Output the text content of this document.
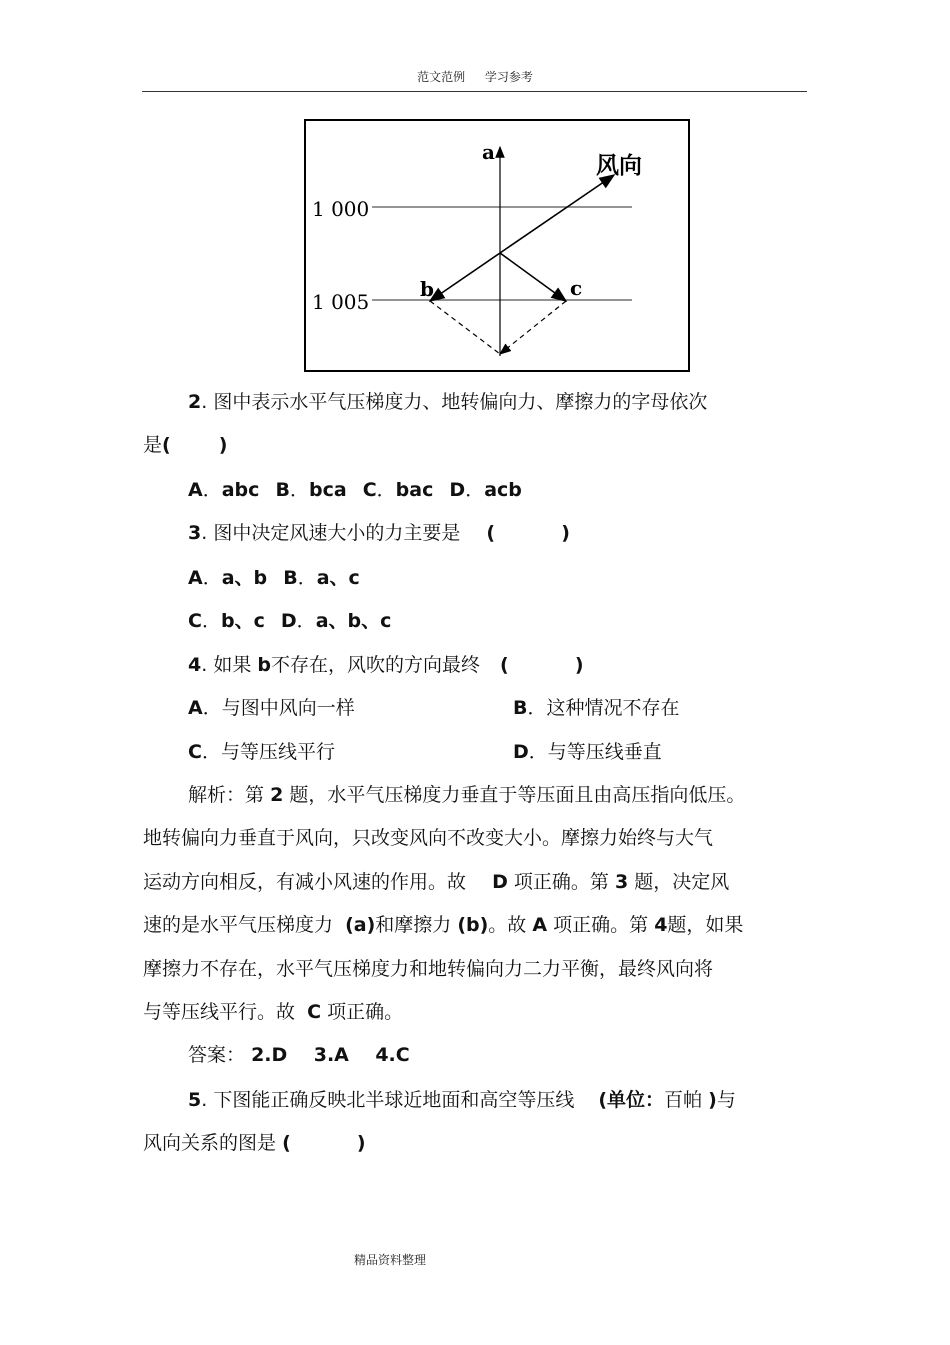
范文范例 学习参考
1 000
1 005
a
b	c
风向
2. 图中表示水平气压梯度力、地转偏向力、摩擦力的字母依次
是(	)
A．abc B．bca C．bac D．acb
3. 图中决定风速大小的力主要是 (          )
A．a、b B．a、c
C．b、c D．a、b、c
4. 如果 b不存在，风吹的方向最终 (          )
A．与图中风向一样	B．这种情况不存在
C．与等压线平行	D．与等压线垂直
解析：第 2 题，水平气压梯度力垂直于等压面且由高压指向低压。
地转偏向力垂直于风向，只改变风向不改变大小。摩擦力始终与大气
运动方向相反，有减小风速的作用。故 D 项正确。第 3 题，决定风
速的是水平气压梯度力 (a)和摩擦力 (b)。故 A 项正确。第 4题，如果
摩擦力不存在，水平气压梯度力和地转偏向力二力平衡，最终风向将
与等压线平行。故 C 项正确。
答案： 2.D    3.A    4.C
5. 下图能正确反映北半球近地面和高空等压线 (单位：百帕 )与
风向关系的图是 (          )
精品资料整理
